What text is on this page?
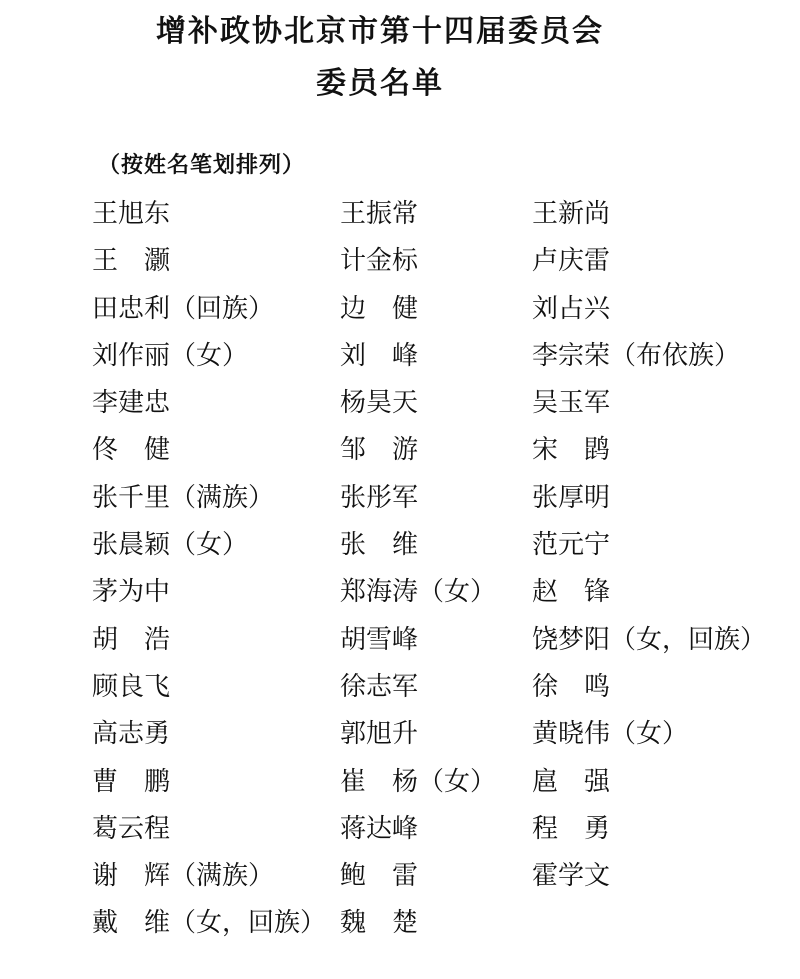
增补政协北京市第十四届委员会
委员名单
（按姓名笔划排列）
王旭东	王振常	王新尚
王　灏	计金标	卢庆雷
田忠利（回族）	边　健	刘占兴
刘作丽（女）	刘　峰	李宗荣（布依族）
李建忠	杨昊天	吴玉军
佟　健	邹　游	宋　鹍
张千里（满族）	张彤军	张厚明
张晨颖（女）	张　维	范元宁
茅为中	郑海涛（女） 赵　锋
胡　浩	胡雪峰	饶梦阳（女，回族）
顾良飞	徐志军	徐　鸣
高志勇	郭旭升	黄晓伟（女）
曹　鹏	崔　杨（女） 扈　强
葛云程	蒋达峰	程　勇
谢　辉（满族）	鲍　雷	霍学文
戴　维（女，回族） 魏　楚
